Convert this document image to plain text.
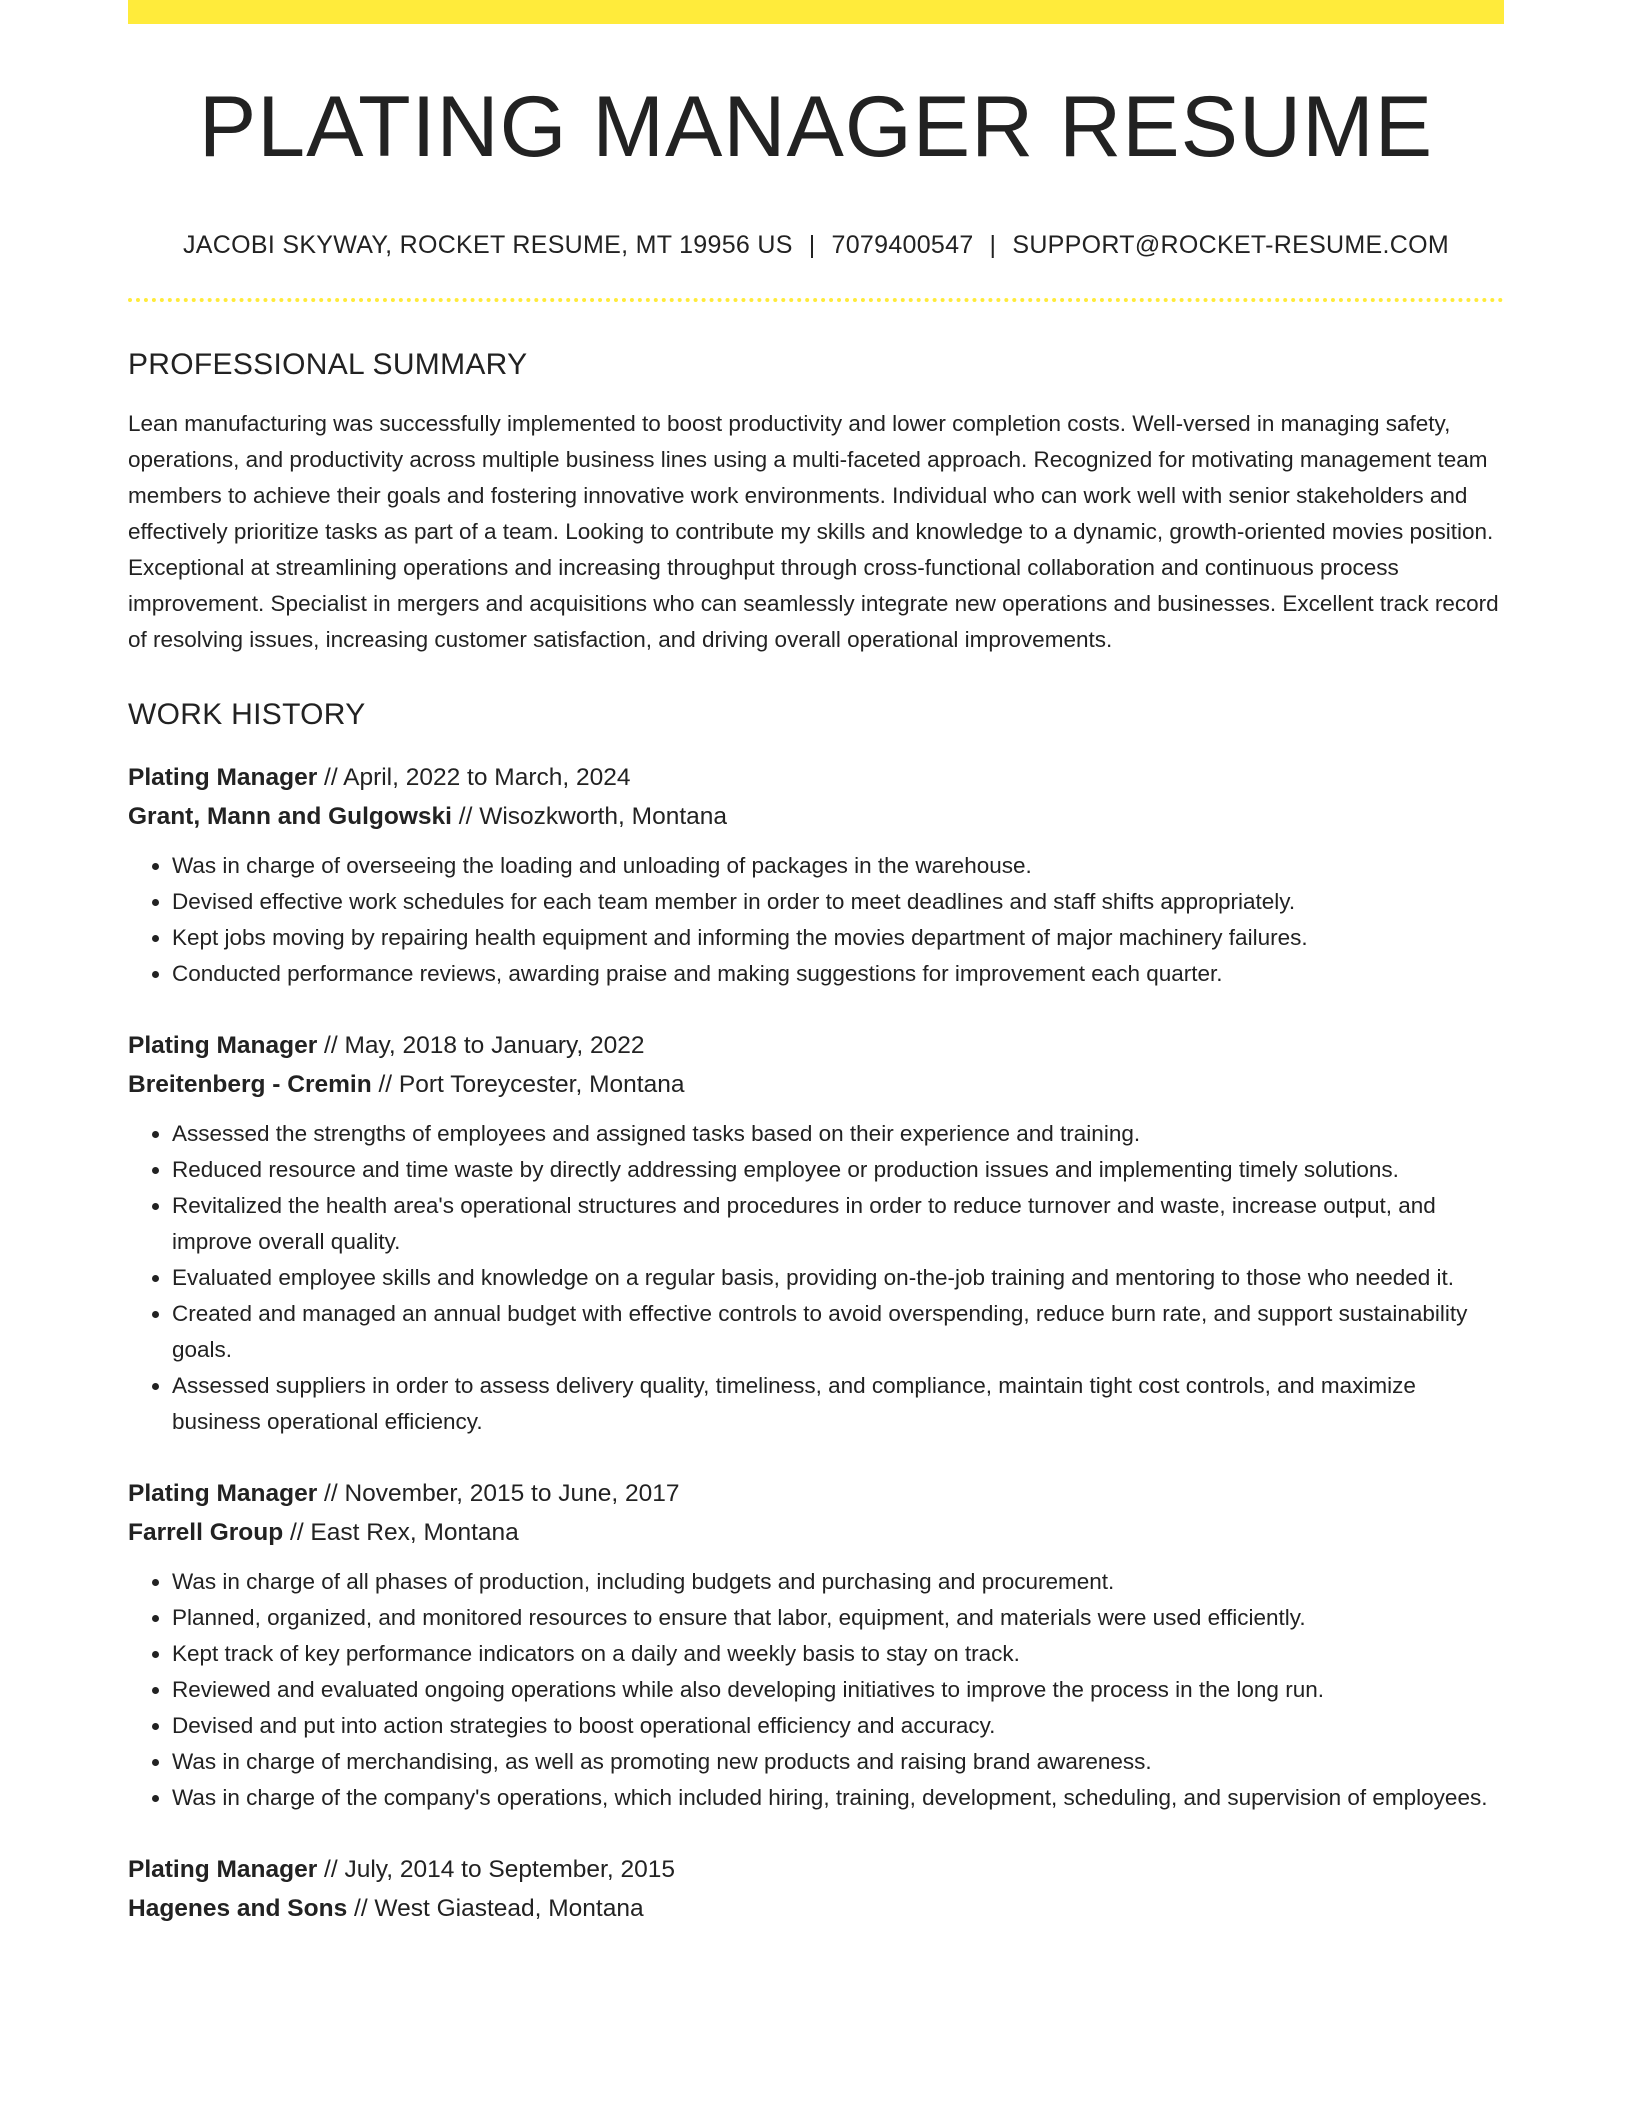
PLATING MANAGER RESUME
JACOBI SKYWAY, ROCKET RESUME, MT 19956 US | 7079400547 | SUPPORT@ROCKET-RESUME.COM
PROFESSIONAL SUMMARY

Lean manufacturing was successfully implemented to boost productivity and lower completion costs. Well-versed in managing safety, operations, and productivity across multiple business lines using a multi-faceted approach. Recognized for motivating management team members to achieve their goals and fostering innovative work environments. Individual who can work well with senior stakeholders and effectively prioritize tasks as part of a team. Looking to contribute my skills and knowledge to a dynamic, growth-oriented movies position. Exceptional at streamlining operations and increasing throughput through cross-functional collaboration and continuous process improvement. Specialist in mergers and acquisitions who can seamlessly integrate new operations and businesses. Excellent track record of resolving issues, increasing customer satisfaction, and driving overall operational improvements.

WORK HISTORY
Plating Manager // April, 2022 to March, 2024
Grant, Mann and Gulgowski // Wisozkworth, Montana
• Was in charge of overseeing the loading and unloading of packages in the warehouse.
• Devised effective work schedules for each team member in order to meet deadlines and staff shifts appropriately.
• Kept jobs moving by repairing health equipment and informing the movies department of major machinery failures.
• Conducted performance reviews, awarding praise and making suggestions for improvement each quarter.
Plating Manager // May, 2018 to January, 2022
Breitenberg - Cremin // Port Toreycester, Montana
• Assessed the strengths of employees and assigned tasks based on their experience and training.
• Reduced resource and time waste by directly addressing employee or production issues and implementing timely solutions.
• Revitalized the health area's operational structures and procedures in order to reduce turnover and waste, increase output, and improve overall quality.
• Evaluated employee skills and knowledge on a regular basis, providing on-the-job training and mentoring to those who needed it.
• Created and managed an annual budget with effective controls to avoid overspending, reduce burn rate, and support sustainability goals.
• Assessed suppliers in order to assess delivery quality, timeliness, and compliance, maintain tight cost controls, and maximize business operational efficiency.
Plating Manager // November, 2015 to June, 2017
Farrell Group // East Rex, Montana
• Was in charge of all phases of production, including budgets and purchasing and procurement.
• Planned, organized, and monitored resources to ensure that labor, equipment, and materials were used efficiently.
• Kept track of key performance indicators on a daily and weekly basis to stay on track.
• Reviewed and evaluated ongoing operations while also developing initiatives to improve the process in the long run.
• Devised and put into action strategies to boost operational efficiency and accuracy.
• Was in charge of merchandising, as well as promoting new products and raising brand awareness.
• Was in charge of the company's operations, which included hiring, training, development, scheduling, and supervision of employees.
Plating Manager // July, 2014 to September, 2015
Hagenes and Sons // West Giastead, Montana
